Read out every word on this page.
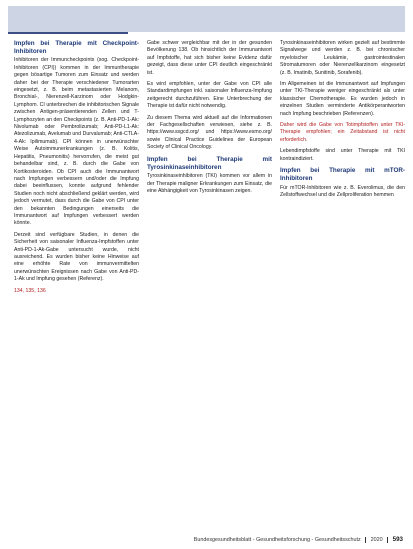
Impfen bei Therapie mit Checkpoint-Inhibitoren
Inhibitoren der Immuncheckpoints (sog. Checkpoint-Inhibitoren (CPI)) kommen in der Immuntherapie gegen bösartige Tumoren zum Einsatz und werden daher bei der Therapie verschiedener Tumorarten eingesetzt, z. B. beim metastasierten Melanom, Bronchial-, Nierenzell-Karzinom oder Hodgkin-Lymphom. CI unterbrechen die inhibitorischen Signale zwischen Antigen-präsentierenden Zellen und T-Lymphozyten an den Checkpoints (z. B. Anti-PD-1-Ak: Nivolumab oder Pembrolizumab; Anti-PD-L1-Ak: Atezolizumab, Avelumab und Durvalumab; Anti-CTLA-4-Ak: Ipilimumab). CPI können in unerwünschter Weise Autoimmunerkrankungen (z. B. Kolitis, Hepatitis, Pneumonitis) hervorrufen, die meist gut behandelbar sind, z. B. durch die Gabe von Kortikosteroiden. Ob CPI auch die Immunantwort nach Impfungen verbessern und/oder die Impfung dabei beeinflussen, konnte aufgrund fehlender Studien noch nicht abschließend geklärt werden, wird jedoch vermutet, dass durch die Gabe von CPI unter den bekannten Bedingungen einerseits die Immunantwort auf Impfungen verbessert werden könnte.
Derzeit sind verfügbare Studien, in denen die Sicherheit von saisonaler Influenza-Impfstoffen unter Anti-PD-1-Ak-Gabe untersucht wurde, nicht ausreichend. Es wurden bisher keine Hinweise auf eine erhöhte Rate von immunvermittelten unerwünschten Ereignissen nach Gabe von Anti-PD-1-Ak und Impfung gesehen (Referenz).
134, 135, 136
Gabe schwer vergleichbar mit der in der gesunden Bevölkerung 138. Ob hinsichtlich der Immunantwort auf Impfstoffe, hat sich bisher keine Evidenz dafür gezeigt, dass diese unter CPI deutlich eingeschränkt ist.
Es wird empfohlen, unter der Gabe von CPI alle Standardimpfungen inkl. saisonaler Influenza-Impfung zeitgerecht durchzuführen. Eine Unterbrechung der Therapie ist dafür nicht notwendig.
Zu diesem Thema wird aktuell auf die Informationen der Fachgesellschaften verwiesen, siehe z. B. https://www.ssgcd.org/ und https://www.esmo.org/ sowie Clinical Practice Guidelines der European Society of Clinical Oncology.
Impfen bei Therapie mit Tyrosinkinaseinhibitoren
Tyrosinkinaseinhibitoren (TKI) kommen vor allem in der Therapie maligner Erkrankungen zum Einsatz, die eine Abhängigkeit von Tyrosinkinasen zeigen.
Tyrosinkinaseinhibitoren wirken gezielt auf bestimmte Signalwege und werden z. B. bei chronischer myeloischer Leukämie, gastrointestinalen Stromatumoren oder Nierenzellkarzinom eingesetzt (z. B. Imatinib, Sunitinib, Sorafenib).
Im Allgemeinen ist die Immunantwort auf Impfungen unter TKI-Therapie weniger eingeschränkt als unter klassischer Chemotherapie. Es wurden jedoch in einzelnen Studien verminderte Antikörperantworten nach Impfung beschrieben (Referenzen).
Daher wird die Gabe von Totimpfstoffen unter TKI-Therapie empfohlen; ein Zeitabstand ist nicht erforderlich.
Lebendimpfstoffe sind unter Therapie mit TKI kontraindiziert.
Impfen bei Therapie mit mTOR-Inhibitoren
Für mTOR-Inhibitoren wie z. B. Everolimus, die den Zellstoffwechsel und die Zellproliferation hemmen
Bundesgesundheitsblatt - Gesundheitsforschung - Gesundheitsschutz 2020 593
